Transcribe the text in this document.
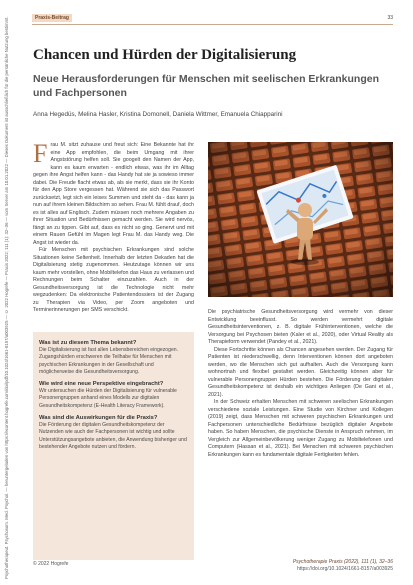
Psychotherapeut. Psychosom. Med. Psychol. — heruntergeladen von https://econtent.hogrefe.com/doi/pdf/10.1024/1661-8157/a003925 — © 2022 Hogrefe — Praxis 2022; 111 (1): 32–36 — vom Server am 10.01.2022 — Dieses Dokument ist ausschließlich für die persönliche Nutzung bestimmt.	Praxis-Beitrag	33
Chancen und Hürden der Digitalisierung
Neue Herausforderungen für Menschen mit seelischen Erkrankungen und Fachpersonen
Anna Hegedüs, Melina Hasler, Kristina Domonell, Daniela Wittmer, Emanuela Chiapparini

Frau M. sitzt zuhause und freut sich: Eine Bekannte hat ihr eine App empfohlen, die beim Umgang mit ihrer Angststörung helfen soll. Sie googelt den Namen der App, kann es kaum erwarten - endlich etwas, was ihr im Alltag gegen ihre Angst helfen kann - das Handy hat sie ja sowieso immer dabei. Die Freude flacht etwas ab, als sie merkt, dass sie ihr Konto für den App Store vergessen hat. Während sie sich das Passwort zurücksetzt, legt sich ein leises Summen und steht da - das kann ja nun auf ihrem kleinen Bildschirm so sehen. Frau M. fühlt drauf, doch es ist alles auf Englisch. Zudem müssen noch mehrere Angaben zu ihrer Situation und Bedürfnissen gemacht werden. Sie wird nervös, fängt an zu tippen. Gibt auf, dass es nicht so ging. Genervt und mit einem Rauen Gefühl im Magen legt Frau M. das Handy weg. Die Angst ist wieder da.

Für Menschen mit psychischen Erkrankungen sind solche Situationen keine Seltenheit. Innerhalb der letzten Dekaden hat die Digitalisierung stetig zugenommen. Heutzutage können wir uns kaum mehr vorstellen, ohne Mobiltelefon das Haus zu verlassen und Rechnungen beim Schalter einzuzahlen. Auch in der Gesundheitsversorgung ist die Technologie nicht mehr wegzudenken: Da elektronische Patientendossiers ist der Zugang zu Therapien via Video, per Zoom angeboten und Terminerinnerungen per SMS verschickt.

Was ist zu diesem Thema bekannt?
Die Digitalisierung ist fast allen Lebensbereichen eingezogen. Zugangshürden erschweren die Teilhabe für Menschen mit psychischen Erkrankungen in der Gesellschaft und möglicherweise die Gesundheitsversorgung.
Wie wird eine neue Perspektive eingebracht?
Wir untersuchen die Hürden der Digitalisierung für vulnerable Personengruppen anhand eines Modells zur digitalen Gesundheitskompetenz (E-Health Literacy Framework).
Was sind die Auswirkungen für die Praxis?
Die Förderung der digitalen Gesundheitskompetenz der Nutzenden wie auch der Fachpersonen ist wichtig und sollte Unterstützungsangebote anbieten, die Anwendung bisheriger und bestehender Angebote nutzen und fördern.

Die psychiatrische Gesundheitsversorgung wird vermehr von dieser Entwicklung beeinflusst. So werden vermehrt digitale Gesundheitsinterventionen, z. B. digitale Frühinterventionen, welche die Versorgung bei Psychosen bieten (Kaler et al., 2020), oder Virtual Reality als Therapieform verwendet (Pandey et al., 2021).

Diese Fortschritte können als Chancen angesehen werden. Der Zugang für Patienten ist niederschwellig, denn Interventionen können dort angeboten werden, wo die Menschen sich gut aufhalten. Auch die Versorgung kann wohnortnah und flexibel gestaltet werden. Gleichzeitig können aber für vulnerable Personengruppen Hürden bestehen. Die Förderung der digitalen Gesundheitskompetenz ist deshalb ein wichtiges Anliegen (De Gani et al., 2021).

In der Schweiz erhalten Menschen mit schweren seelischen Erkrankungen verschiedene soziale Leistungen. Eine Studie von Kirchner und Kollegen (2019) zeigt, dass Menschen mit schweren psychischen Erkrankungen und Fachpersonen unterschiedliche Bedürfnisse bezüglich digitaler Angebote haben. So haben Menschen, die psychische Dienste in Anspruch nehmen, im Vergleich zur Allgemeinbevölkerung weniger Zugang zu Mobiltelefonen und Computern (Hassan et al., 2021). Bei Menschen mit schweren psychischen Erkrankungen kann es fundamentale digitale Fertigkeiten fehlen.

© 2022 Hogrefe	Psychotherapie Praxis (2022), 111 (1), 32–36
https://doi.org/10.1024/1661-8157/a003925
